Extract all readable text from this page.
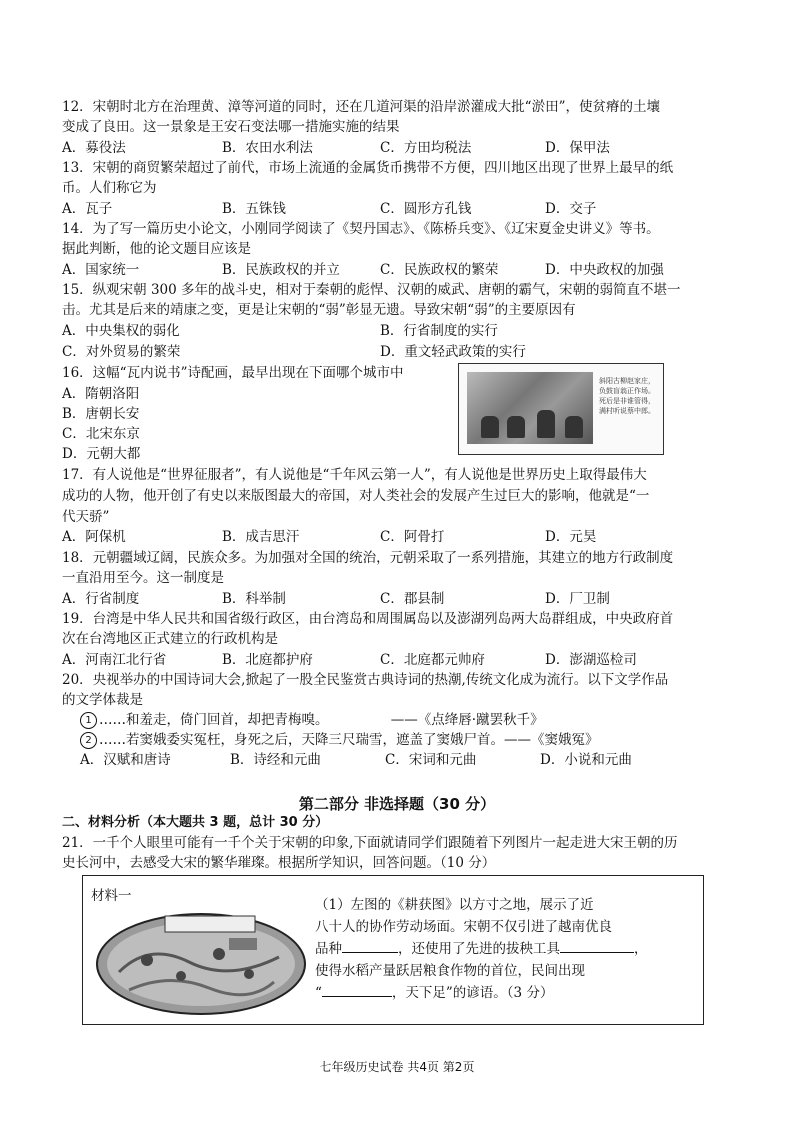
12．宋朝时北方在治理黄、漳等河道的同时，还在几道河渠的沿岸淤灌成大批“淤田”，使贫瘠的土壤
变成了良田。这一景象是王安石变法哪一措施实施的结果
A．募役法	B．农田水利法	C．方田均税法	D．保甲法
13．宋朝的商贸繁荣超过了前代，市场上流通的金属货币携带不方便，四川地区出现了世界上最早的纸
币。人们称它为
A．瓦子	B．五铢钱	C．圆形方孔钱	D．交子
14．为了写一篇历史小论文，小刚同学阅读了《契丹国志》、《陈桥兵变》、《辽宋夏金史讲义》等书。
据此判断，他的论文题目应该是
A．国家统一	B．民族政权的并立	C．民族政权的繁荣	D．中央政权的加强
15．纵观宋朝 300 多年的战斗史，相对于秦朝的彪悍、汉朝的威武、唐朝的霸气，宋朝的弱简直不堪一
击。尤其是后来的靖康之变，更是让宋朝的“弱”彰显无遗。导致宋朝“弱”的主要原因有
A．中央集权的弱化	B．行省制度的实行
C．对外贸易的繁荣	D．重文轻武政策的实行
16．这幅“瓦内说书”诗配画，最早出现在下面哪个城市中
A．隋朝洛阳
B．唐朝长安
C．北宋东京
D．元朝大都
斜阳古柳赵家庄，负鼓盲翁正作场。死后是非谁管得，满村听说蔡中郎。
17．有人说他是“世界征服者”，有人说他是“千年风云第一人”，有人说他是世界历史上取得最伟大
成功的人物，他开创了有史以来版图最大的帝国，对人类社会的发展产生过巨大的影响，他就是“一
代天骄”
A．阿保机	B．成吉思汗	C．阿骨打	D．元昊
18．元朝疆域辽阔，民族众多。为加强对全国的统治，元朝采取了一系列措施，其建立的地方行政制度
一直沿用至今。这一制度是
A．行省制度	B．科举制	C．郡县制	D．厂卫制
19．台湾是中华人民共和国省级行政区，由台湾岛和周围属岛以及澎湖列岛两大岛群组成，中央政府首
次在台湾地区正式建立的行政机构是
A．河南江北行省	B．北庭都护府	C．北庭都元帅府	D．澎湖巡检司
20．央视举办的中国诗词大会,掀起了一股全民鉴赏古典诗词的热潮,传统文化成为流行。以下文学作品
的文学体裁是
1 ……和羞走，倚门回首，却把青梅嗅。	——《点绛唇·蹴罢秋千》
2 ……若窦娥委实冤枉，身死之后，天降三尺瑞雪，遮盖了窦娥尸首。——《窦娥冤》
A．汉赋和唐诗	B．诗经和元曲	C．宋词和元曲	D．小说和元曲
第二部分 非选择题（30 分）
二、材料分析（本大题共 3 题，总计 30 分）
21．一千个人眼里可能有一千个关于宋朝的印象,下面就请同学们跟随着下列图片一起走进大宋王朝的历
史长河中，去感受大宋的繁华璀璨。根据所学知识，回答问题。（10 分）
材料一
（1）左图的《耕获图》以方寸之地，展示了近
八十人的协作劳动场面。宋朝不仅引进了越南优良
品种	，还使用了先进的拔秧工具	，
使得水稻产量跃居粮食作物的首位，民间出现
“	，天下足”的谚语。（3 分）
七年级历史试卷 共4页 第2页
